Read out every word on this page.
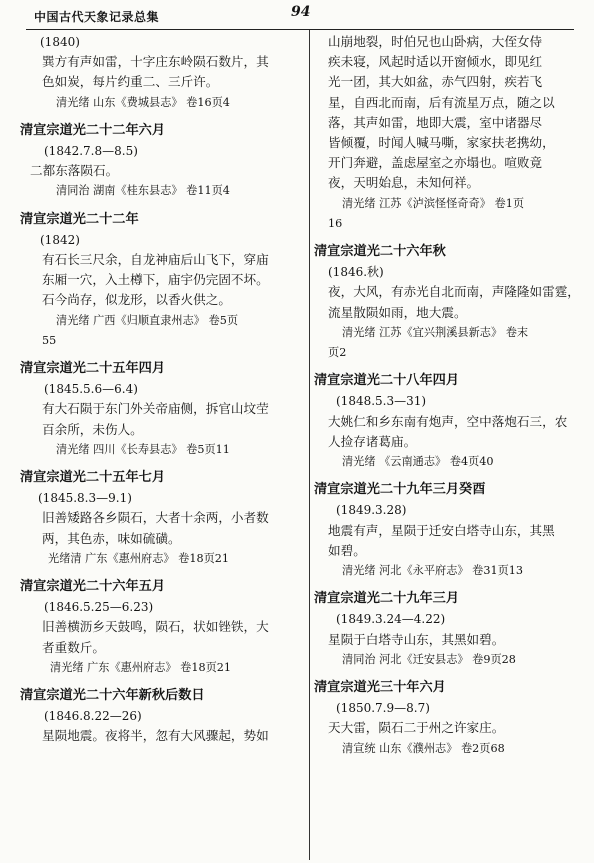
中国古代天象记录总集	94
(1840)
巽方有声如雷，十字庄东岭陨石数片，其
色如炭，每片约重二、三斤许。
清光绪 山东《费城县志》 卷16页4
清宣宗道光二十二年六月
(1842.7.8—8.5)
二都东落陨石。
清同治 湖南《桂东县志》 卷11页4
清宣宗道光二十二年
(1842)
有石长三尺余，自龙神庙后山飞下，穿庙
东厢一穴，入土樽下，庙宇仍完固不坏。
石今尚存，似龙形，以香火供之。
清光绪 广西《归顺直隶州志》 卷5页
55
清宣宗道光二十五年四月
(1845.5.6—6.4)
有大石陨于东门外关帝庙侧，拆官山坟茔
百余所，未伤人。
清光绪 四川《长寿县志》 卷5页11
清宣宗道光二十五年七月
(1845.8.3—9.1)
旧善矮路各乡陨石，大者十余两，小者数
两，其色赤，味如硫磺。
光绪清 广东《惠州府志》 卷18页21
清宣宗道光二十六年五月
(1846.5.25—6.23)
旧善横沥乡天鼓鸣，陨石，状如锉铁，大
者重数斤。
清光绪 广东《惠州府志》 卷18页21
清宣宗道光二十六年新秋后数日
(1846.8.22—26)
星陨地震。夜将半，忽有大风骤起，势如
山崩地裂，时伯兄也山卧病，大侄女侍
疾未寝，风起时适以开窗倾水，即见红
光一团，其大如盆，赤气四射，疾若飞
星，自西北而南，后有流星万点，随之以
落，其声如雷，地即大震，室中诸器尽
皆倾覆，时闻人喊马嘶，家家扶老携幼，
开门奔避，盖虑屋室之亦塌也。喧败竟
夜，天明始息，未知何祥。
清光绪 江苏《泸滨怪怪奇奇》 卷1页
16
清宣宗道光二十六年秋
(1846.秋)
夜，大风，有赤光自北而南，声隆隆如雷霆，
流星散陨如雨，地大震。
清光绪 江苏《宜兴荆溪县新志》 卷末
页2
清宣宗道光二十八年四月
(1848.5.3—31)
大姚仁和乡东南有炮声，空中落炮石三，农
人捡存诸葛庙。
清光绪 《云南通志》 卷4页40
清宣宗道光二十九年三月癸酉
(1849.3.28)
地震有声，星陨于迁安白塔寺山东，其黑
如碧。
清光绪 河北《永平府志》 卷31页13
清宣宗道光二十九年三月
(1849.3.24—4.22)
星陨于白塔寺山东，其黑如碧。
清同治 河北《迁安县志》 卷9页28
清宣宗道光三十年六月
(1850.7.9—8.7)
天大雷，陨石二于州之许家庄。
清宣统 山东《濮州志》 卷2页68
